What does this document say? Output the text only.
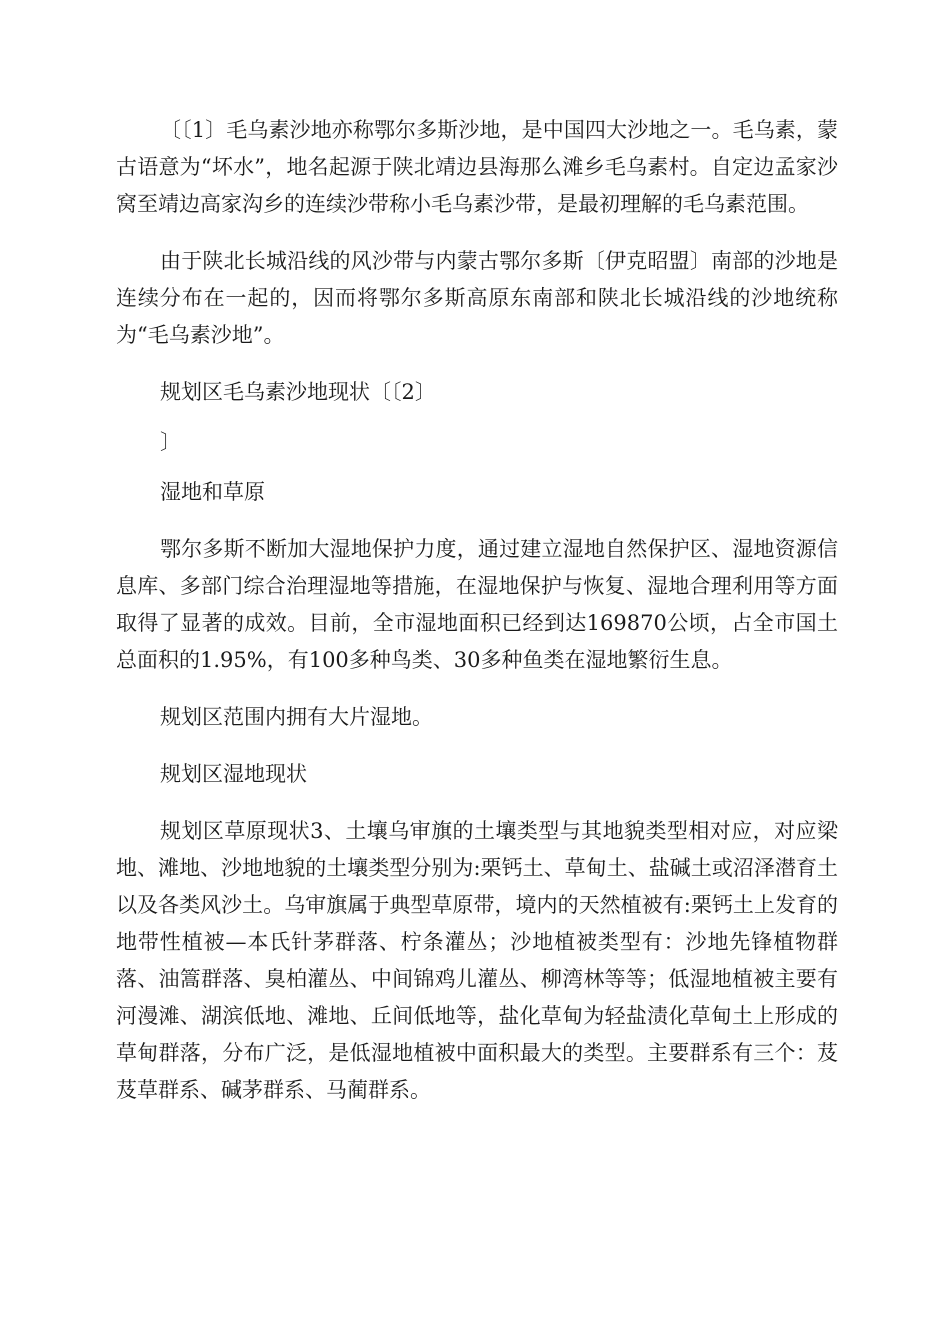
〔〔1〕毛乌素沙地亦称鄂尔多斯沙地，是中国四大沙地之一。毛乌素，蒙古语意为“坏水”，地名起源于陕北靖边县海那么滩乡毛乌素村。自定边孟家沙窝至靖边高家沟乡的连续沙带称小毛乌素沙带，是最初理解的毛乌素范围。

由于陕北长城沿线的风沙带与内蒙古鄂尔多斯〔伊克昭盟〕南部的沙地是连续分布在一起的，因而将鄂尔多斯高原东南部和陕北长城沿线的沙地统称为“毛乌素沙地”。

规划区毛乌素沙地现状〔〔2〕

〕

湿地和草原

鄂尔多斯不断加大湿地保护力度，通过建立湿地自然保护区、湿地资源信息库、多部门综合治理湿地等措施，在湿地保护与恢复、湿地合理利用等方面取得了显著的成效。目前，全市湿地面积已经到达169870公顷，占全市国土总面积的1.95%，有100多种鸟类、30多种鱼类在湿地繁衍生息。

规划区范围内拥有大片湿地。

规划区湿地现状

规划区草原现状3、土壤乌审旗的土壤类型与其地貌类型相对应，对应梁地、滩地、沙地地貌的土壤类型分别为:栗钙土、草甸土、盐碱土或沼泽潜育土以及各类风沙土。乌审旗属于典型草原带，境内的天然植被有:栗钙土上发育的地带性植被—本氏针茅群落、柠条灌丛；沙地植被类型有：沙地先锋植物群落、油篙群落、臭柏灌丛、中间锦鸡儿灌丛、柳湾林等等；低湿地植被主要有河漫滩、湖滨低地、滩地、丘间低地等，盐化草甸为轻盐渍化草甸土上形成的草甸群落，分布广泛，是低湿地植被中面积最大的类型。主要群系有三个：芨芨草群系、碱茅群系、马蔺群系。
